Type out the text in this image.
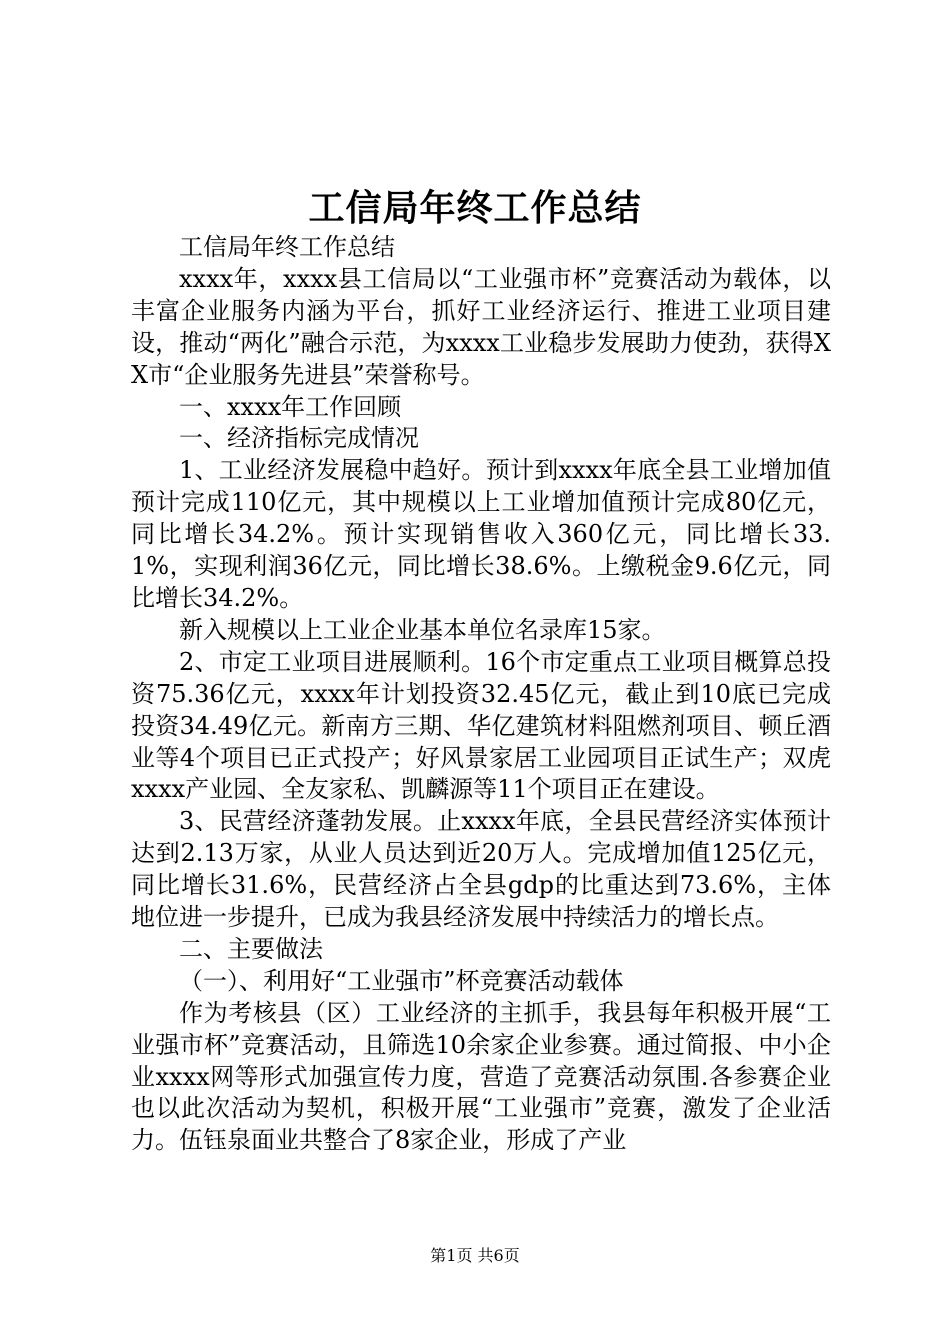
工信局年终工作总结

工信局年终工作总结

xxxx年，xxxx县工信局以“工业强市杯”竞赛活动为载体，以丰富企业服务内涵为平台，抓好工业经济运行、推进工业项目建设，推动“两化”融合示范，为xxxx工业稳步发展助力使劲，获得XX市“企业服务先进县”荣誉称号。

一、xxxx年工作回顾

一、经济指标完成情况

1、工业经济发展稳中趋好。预计到xxxx年底全县工业增加值预计完成110亿元，其中规模以上工业增加值预计完成80亿元，同比增长34.2%。预计实现销售收入360亿元，同比增长33.1%，实现利润36亿元，同比增长38.6%。上缴税金9.6亿元，同比增长34.2%。

新入规模以上工业企业基本单位名录库15家。

2、市定工业项目进展顺利。16个市定重点工业项目概算总投资75.36亿元，xxxx年计划投资32.45亿元，截止到10底已完成投资34.49亿元。新南方三期、华亿建筑材料阻燃剂项目、顿丘酒业等4个项目已正式投产；好风景家居工业园项目正试生产；双虎xxxx产业园、全友家私、凯麟源等11个项目正在建设。

3、民营经济蓬勃发展。止xxxx年底，全县民营经济实体预计达到2.13万家，从业人员达到近20万人。完成增加值125亿元，同比增长31.6%，民营经济占全县gdp的比重达到73.6%，主体地位进一步提升，已成为我县经济发展中持续活力的增长点。

二、主要做法

（一）、利用好“工业强市”杯竞赛活动载体

作为考核县（区）工业经济的主抓手，我县每年积极开展“工业强市杯”竞赛活动，且筛选10余家企业参赛。通过简报、中小企业xxxx网等形式加强宣传力度，营造了竞赛活动氛围.各参赛企业也以此次活动为契机，积极开展“工业强市”竞赛，激发了企业活力。伍钰泉面业共整合了8家企业，形成了产业

第1页 共6页
